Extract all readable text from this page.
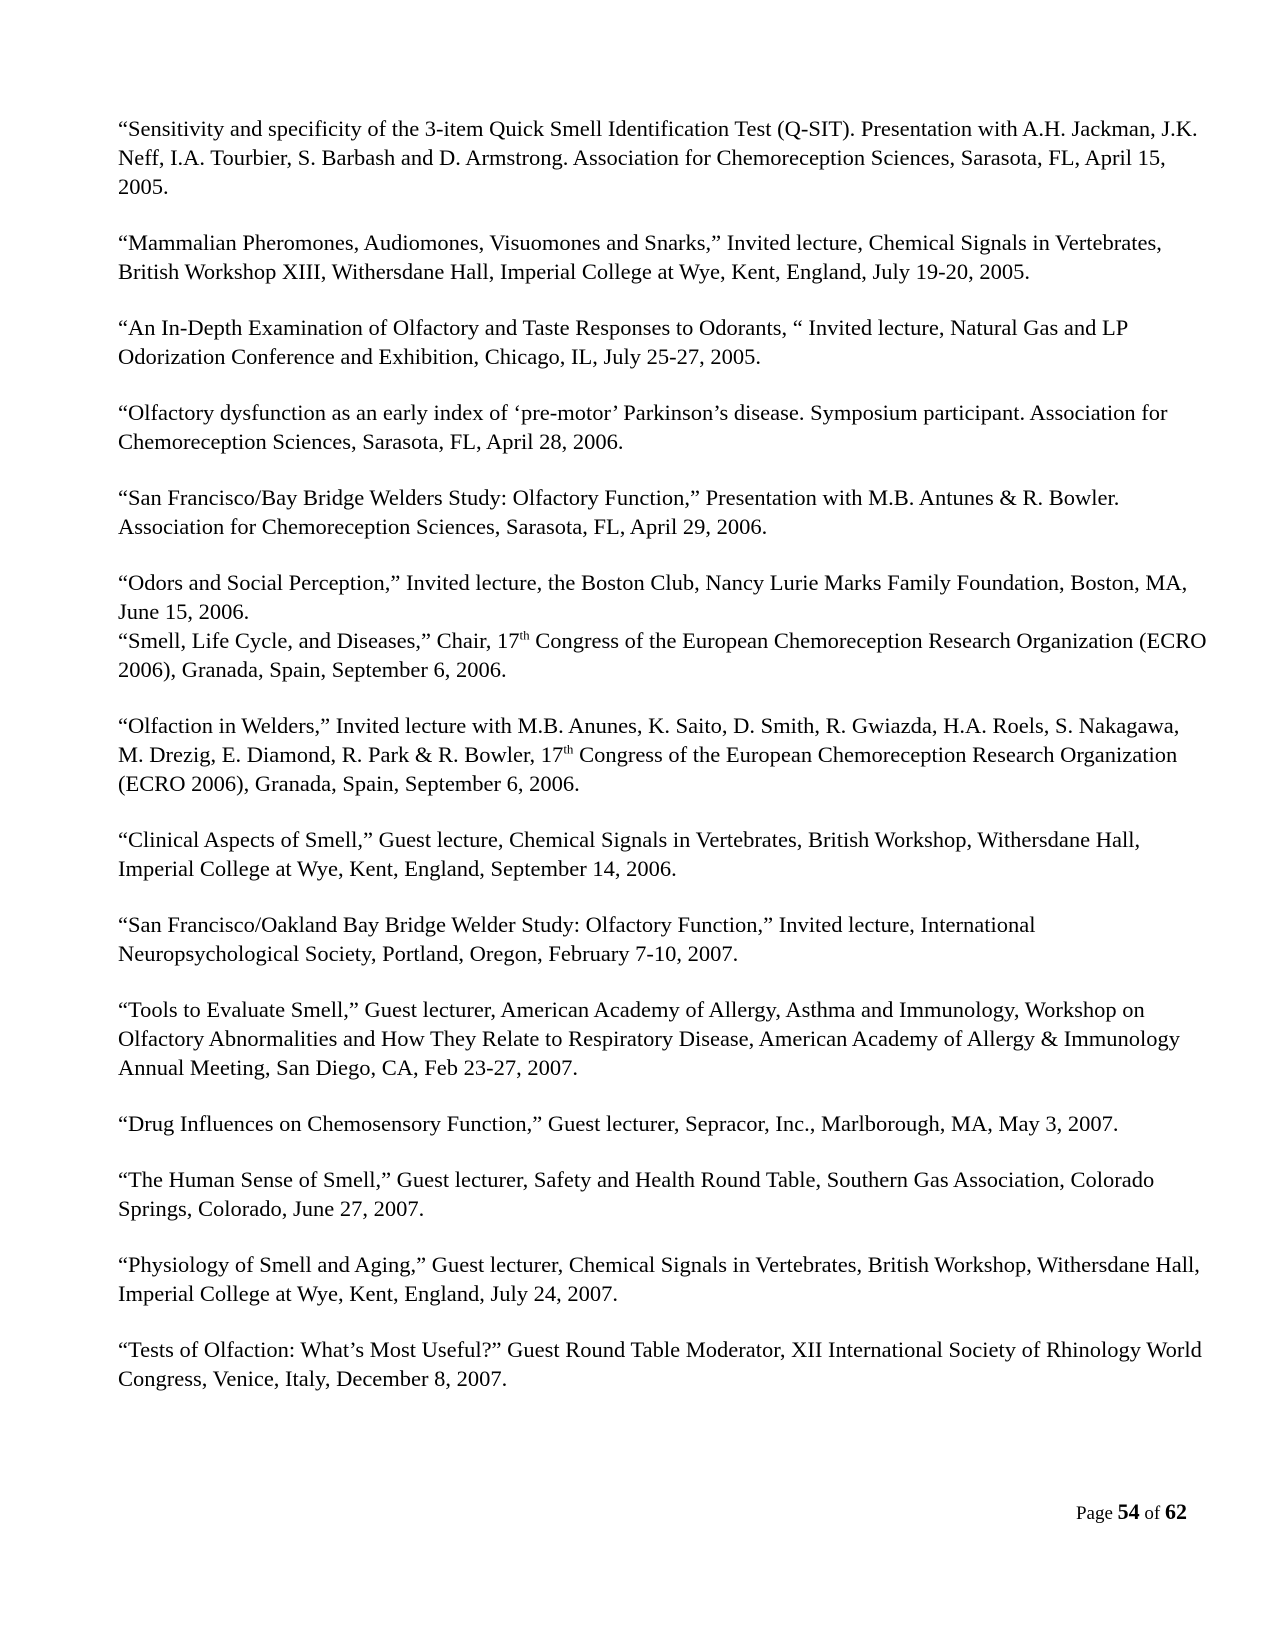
“Sensitivity and specificity of the 3-item Quick Smell Identification Test (Q-SIT). Presentation with A.H. Jackman, J.K. Neff, I.A. Tourbier, S. Barbash and D. Armstrong. Association for Chemoreception Sciences, Sarasota, FL, April 15, 2005.

“Mammalian Pheromones, Audiomones, Visuomones and Snarks,” Invited lecture, Chemical Signals in Vertebrates, British Workshop XIII, Withersdane Hall, Imperial College at Wye, Kent, England, July 19-20, 2005.

“An In-Depth Examination of Olfactory and Taste Responses to Odorants, “ Invited lecture, Natural Gas and LP Odorization Conference and Exhibition, Chicago, IL, July 25-27, 2005.

“Olfactory dysfunction as an early index of ‘pre-motor’ Parkinson’s disease. Symposium participant. Association for Chemoreception Sciences, Sarasota, FL, April 28, 2006.

“San Francisco/Bay Bridge Welders Study: Olfactory Function,” Presentation with M.B. Antunes & R. Bowler. Association for Chemoreception Sciences, Sarasota, FL, April 29, 2006.

“Odors and Social Perception,” Invited lecture, the Boston Club, Nancy Lurie Marks Family Foundation, Boston, MA, June 15, 2006.

“Smell, Life Cycle, and Diseases,” Chair, 17th Congress of the European Chemoreception Research Organization (ECRO 2006), Granada, Spain, September 6, 2006.

“Olfaction in Welders,” Invited lecture with M.B. Anunes, K. Saito, D. Smith, R. Gwiazda, H.A. Roels, S. Nakagawa, M. Drezig, E. Diamond, R. Park & R. Bowler, 17th Congress of the European Chemoreception Research Organization (ECRO 2006), Granada, Spain, September 6, 2006.

“Clinical Aspects of Smell,” Guest lecture, Chemical Signals in Vertebrates, British Workshop, Withersdane Hall, Imperial College at Wye, Kent, England, September 14, 2006.

“San Francisco/Oakland Bay Bridge Welder Study: Olfactory Function,” Invited lecture, International Neuropsychological Society, Portland, Oregon, February 7-10, 2007.

“Tools to Evaluate Smell,” Guest lecturer, American Academy of Allergy, Asthma and Immunology, Workshop on Olfactory Abnormalities and How They Relate to Respiratory Disease, American Academy of Allergy & Immunology Annual Meeting, San Diego, CA, Feb 23-27, 2007.

“Drug Influences on Chemosensory Function,” Guest lecturer, Sepracor, Inc., Marlborough, MA, May 3, 2007.

“The Human Sense of Smell,” Guest lecturer, Safety and Health Round Table, Southern Gas Association, Colorado Springs, Colorado, June 27, 2007.

“Physiology of Smell and Aging,” Guest lecturer, Chemical Signals in Vertebrates, British Workshop, Withersdane Hall, Imperial College at Wye, Kent, England, July 24, 2007.

“Tests of Olfaction: What’s Most Useful?” Guest Round Table Moderator, XII International Society of Rhinology World Congress, Venice, Italy, December 8, 2007.

Page 54 of 62
